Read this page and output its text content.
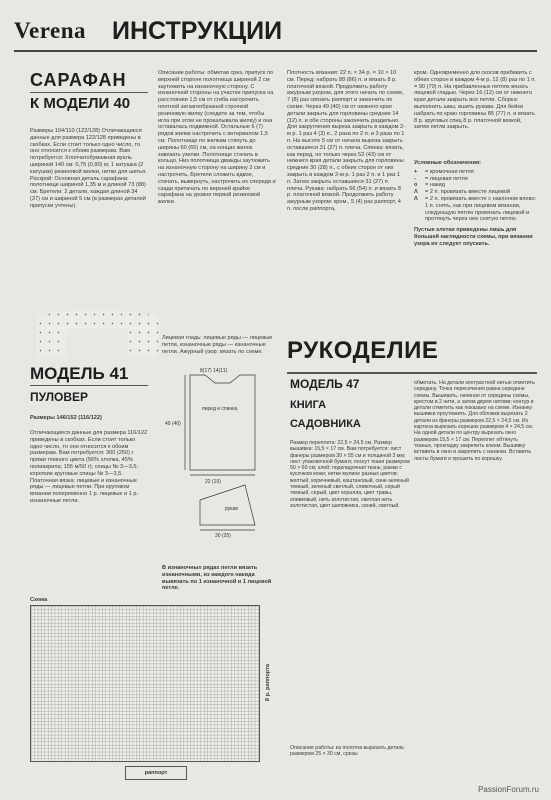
Verena ИНСТРУКЦИИ
САРАФАН
К МОДЕЛИ 40
Размеры 104/110 (122/128) Отличающиеся данные для размера 122/128 приведены в скобках. Если стоит только одно число, то оно относится к обоим размерам. Вам потребуется: Хлопчатобумажная вуаль шириной 140 см: 0,75 (0,90) м; 1 катушка (2 катушки) резиновой жилки, нитки для шитья. Раскрой: Основная деталь сарафана: полотнище шириной 1,35 м и длиной 73 (88) см. Бретели: 2 детали, каждая длиной 34 (37) см и шириной 5 см (в размерах деталей припуски учтены).
Описание работы: обметав срез, припуск по верхней стороне полотнища шириной 2 см заутюжить на изнаночную сторону. С изнаночной стороны на участке припуска на расстоянии 1,5 см от сгиба настрочить плотной зигзагообразной строчкой резиновую жилку (следите за тем, чтобы игла при этом не прокалывала жилку) и она оставалась подвижной. Остальные 6 (7) рядов жилки настрочить с интервалом 1,5 см. Полотнище по жилкам стянуть до ширины 60 (65) см, на концах жилок завязать узелки. Полотнище стачать в кольцо. Низ полотнища дважды заутюжить на изнаночную сторону на ширину 2 см и настрочить. Бретели сложить вдвое, стачать, вывернуть, настрочить их спереди и сзади притачать по верхней крайке сарафана на уровне первой резиновой жилки.
Плотность вязания: 22 п. × 34 р. = 10 × 10 см. Перед: набрать 88 (86) п. и вязать 8 р. платочной вязкой. Продолжить работу ажурным узором, для этого начать по схеме, 7 (8) раз связать раппорт и закончить по схеме. Через 49 (40) см от нижнего края детали закрыть для горловины средние 14 (12) п. и обе стороны закончить раздельно. Для закругления выреза закрыть в каждом 2-м р. 1 раз 4 (3) п., 2 раза по 2 п. и 3 раза по 1 п. На высоте 5 см от начала выреза закрыть оставшиеся 31 (27) п. плеча. Спинка: вязать, как перед, но только через 52 (43) см от нижнего края детали закрыть для горловины средние 30 (28) п., с обеих сторон от них закрыть в каждом 2-м р. 1 раз 2 п. и 1 раз 1 п. Затем закрыть оставшиеся 31 (27) п. плеча. Рукава: набрать 66 (54) п. и вязать 8 р. платочной вязкой. Продолжить работу ажурным узором: кром., 5 (4) раз раппорт, 4 п. после раппорта,
кром. Одновременно для скосов прибавить с обеих сторон в каждом 4-м р. 12 (8) раз по 1 п. = 90 (70) п. На прибавленных петлях вязать лицевой гладью. Через 16 (12) см от нижнего края детали закрыть все петли. Сборка: выполнить швы, вшить рукава. Для бейки набрать по краю горловины 85 (77) п. и вязать 8 р. круговых спиц 8 р. платочной вязкой, затем петли закрыть.
Условные обозначения:
+	= кромочная петля
-	= лицевая петля
o	= накид
Λ	= 2 п. провязать вместе лицевой
Λ	= 2 п. провязать вместе с наклоном влево: 1 п. снять, как при лицевом вязании, следующую петлю провязать лицевой и протянуть через нее снятую петлю.
Пустые клетки приведены лишь для большей наглядности схемы, при вязании узора их следует опускать.
МОДЕЛЬ 41
ПУЛОВЕР
Размеры 146/152 (116/122)
Отличающиеся данные для размера 116/122 приведены в скобках. Если стоит только одно число, то оно относится к обоим размерам. Вам потребуется: 300 (250) г пряжи темного цвета (56% хлопка, 45% полиакрила; 155 м/50 г); спицы № 3—3,5; короткие круговые спицы № 3—3,5. Платочная вязка: лицевые и изнаночные ряды — лицевые петли. При круговом вязании попеременно 1 р. лицевые и 1 р. изнаночные петли.
Лицевая гладь: лицевые ряды — лицевые петли, изнаночные ряды — изнаночные петли. Ажурный узор: вязать по схеме.
8(17) 14(11)
перед и спинка
49 (40)
22 (19)
рукав
30 (25)
В изнаночных рядах петли вязать изнаночными, из каждого накида вывязать по 1 изнаночной и 1 лицевой петле.
Схема
8 р. раппорта
раппорт
РУКОДЕЛИЕ
МОДЕЛЬ 47
КНИГА
САДОВНИКА
Размер переплета: 22,5 × 24,5 см. Размер вышивки: 15,5 × 17 см. Вам потребуется: лист фанеры размером 30 × 55 см и толщиной 3 мм; лист упаковочной бумаги; лоскут ткани размером 50 × 60 см; клей; подкладочная ткань; рамки с кусочком кожи; нитки мулине разных цветов: желтый, коричневый, каштановый, сине-зеленый темный, зеленый светлый, сливочный, серый темный, серый, цвет коралла, цвет травы, оливковый, нить золотистая, светлая нить золотистая, цвет шиповника, синий, светлый.
Описание работы: из полотна вырезать деталь размером 25 × 30 см, срезы
обметать. На детали контрастной нитью отметить середину. Точка пересечения равна середине схемы. Вышивать, начиная от середины схемы, крестом в 2 нити, а затем двумя нитями; контур и детали отметить как показано на схеме. Изнанку вышивки проутюжить. Для обложки вырезать 2 детали из фанеры размером 22,5 × 24,5 см. Из картона вырезать корешок размером 4 × 24,5 см. На одной детали по центру вырезать окно размером 15,5 × 17 см. Переплет обтянуть тканью, прокладку закрепить клеем. Вышивку вставить в окно и закрепить с изнанки. Вставить листы бумаги и прошить по корешку.
PassionForum.ru
